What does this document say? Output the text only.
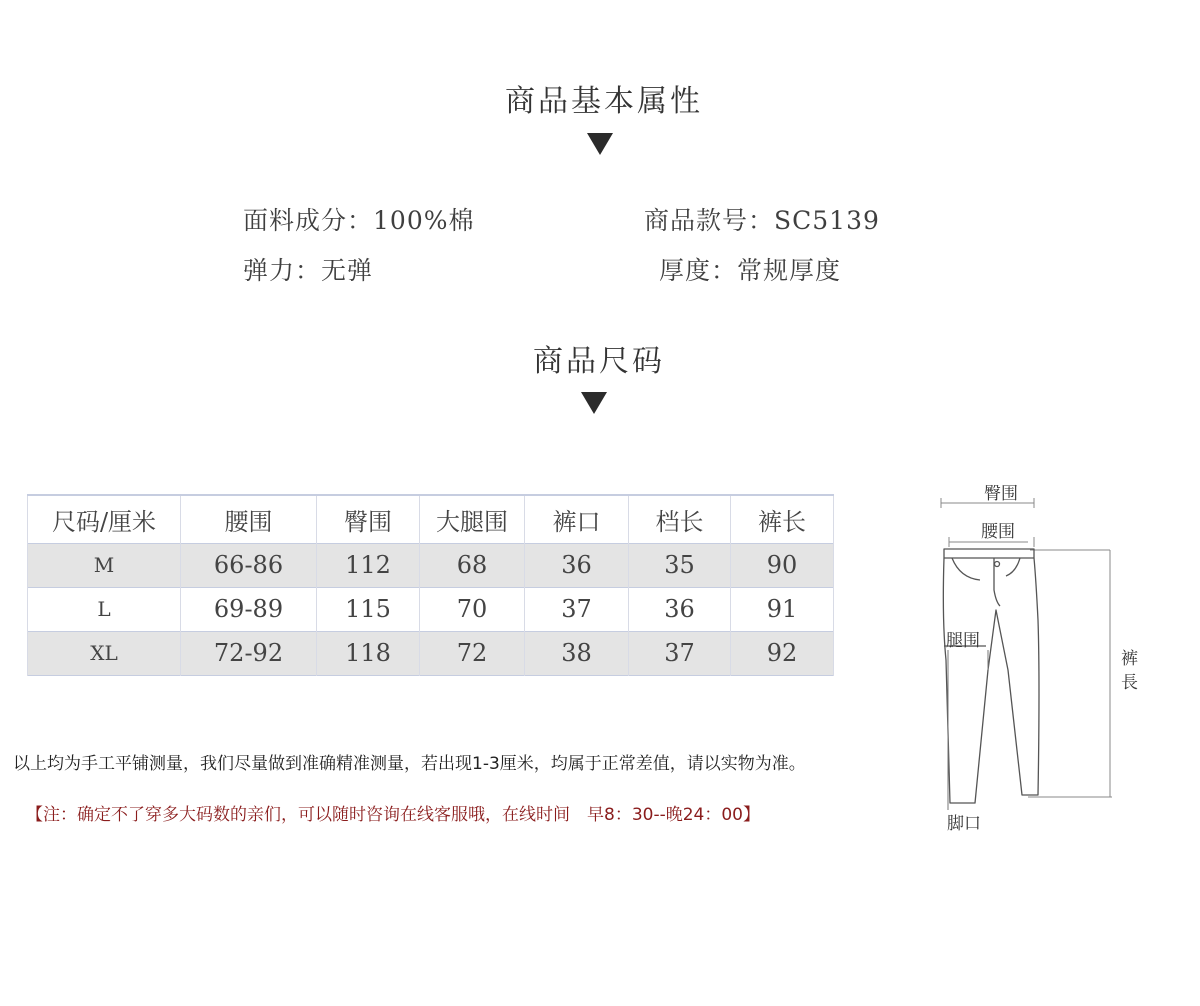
商品基本属性
面料成分：100%棉	商品款号：SC5139
弹力：无弹	厚度：常规厚度
商品尺码
尺码/厘米	腰围	臀围	大腿围	裤口	档长	裤长
M	66-86	112	68	36	35	90
L	69-89	115	70	37	36	91
XL	72-92	118	72	38	37	92
以上均为手工平铺测量，我们尽量做到准确精准测量，若出现1-3厘米，均属于正常差值，请以实物为准。
【注：确定不了穿多大码数的亲们，可以随时咨询在线客服哦，在线时间　早8：30--晚24：00】
臀围
腰围
腿围
裤
長
脚口
